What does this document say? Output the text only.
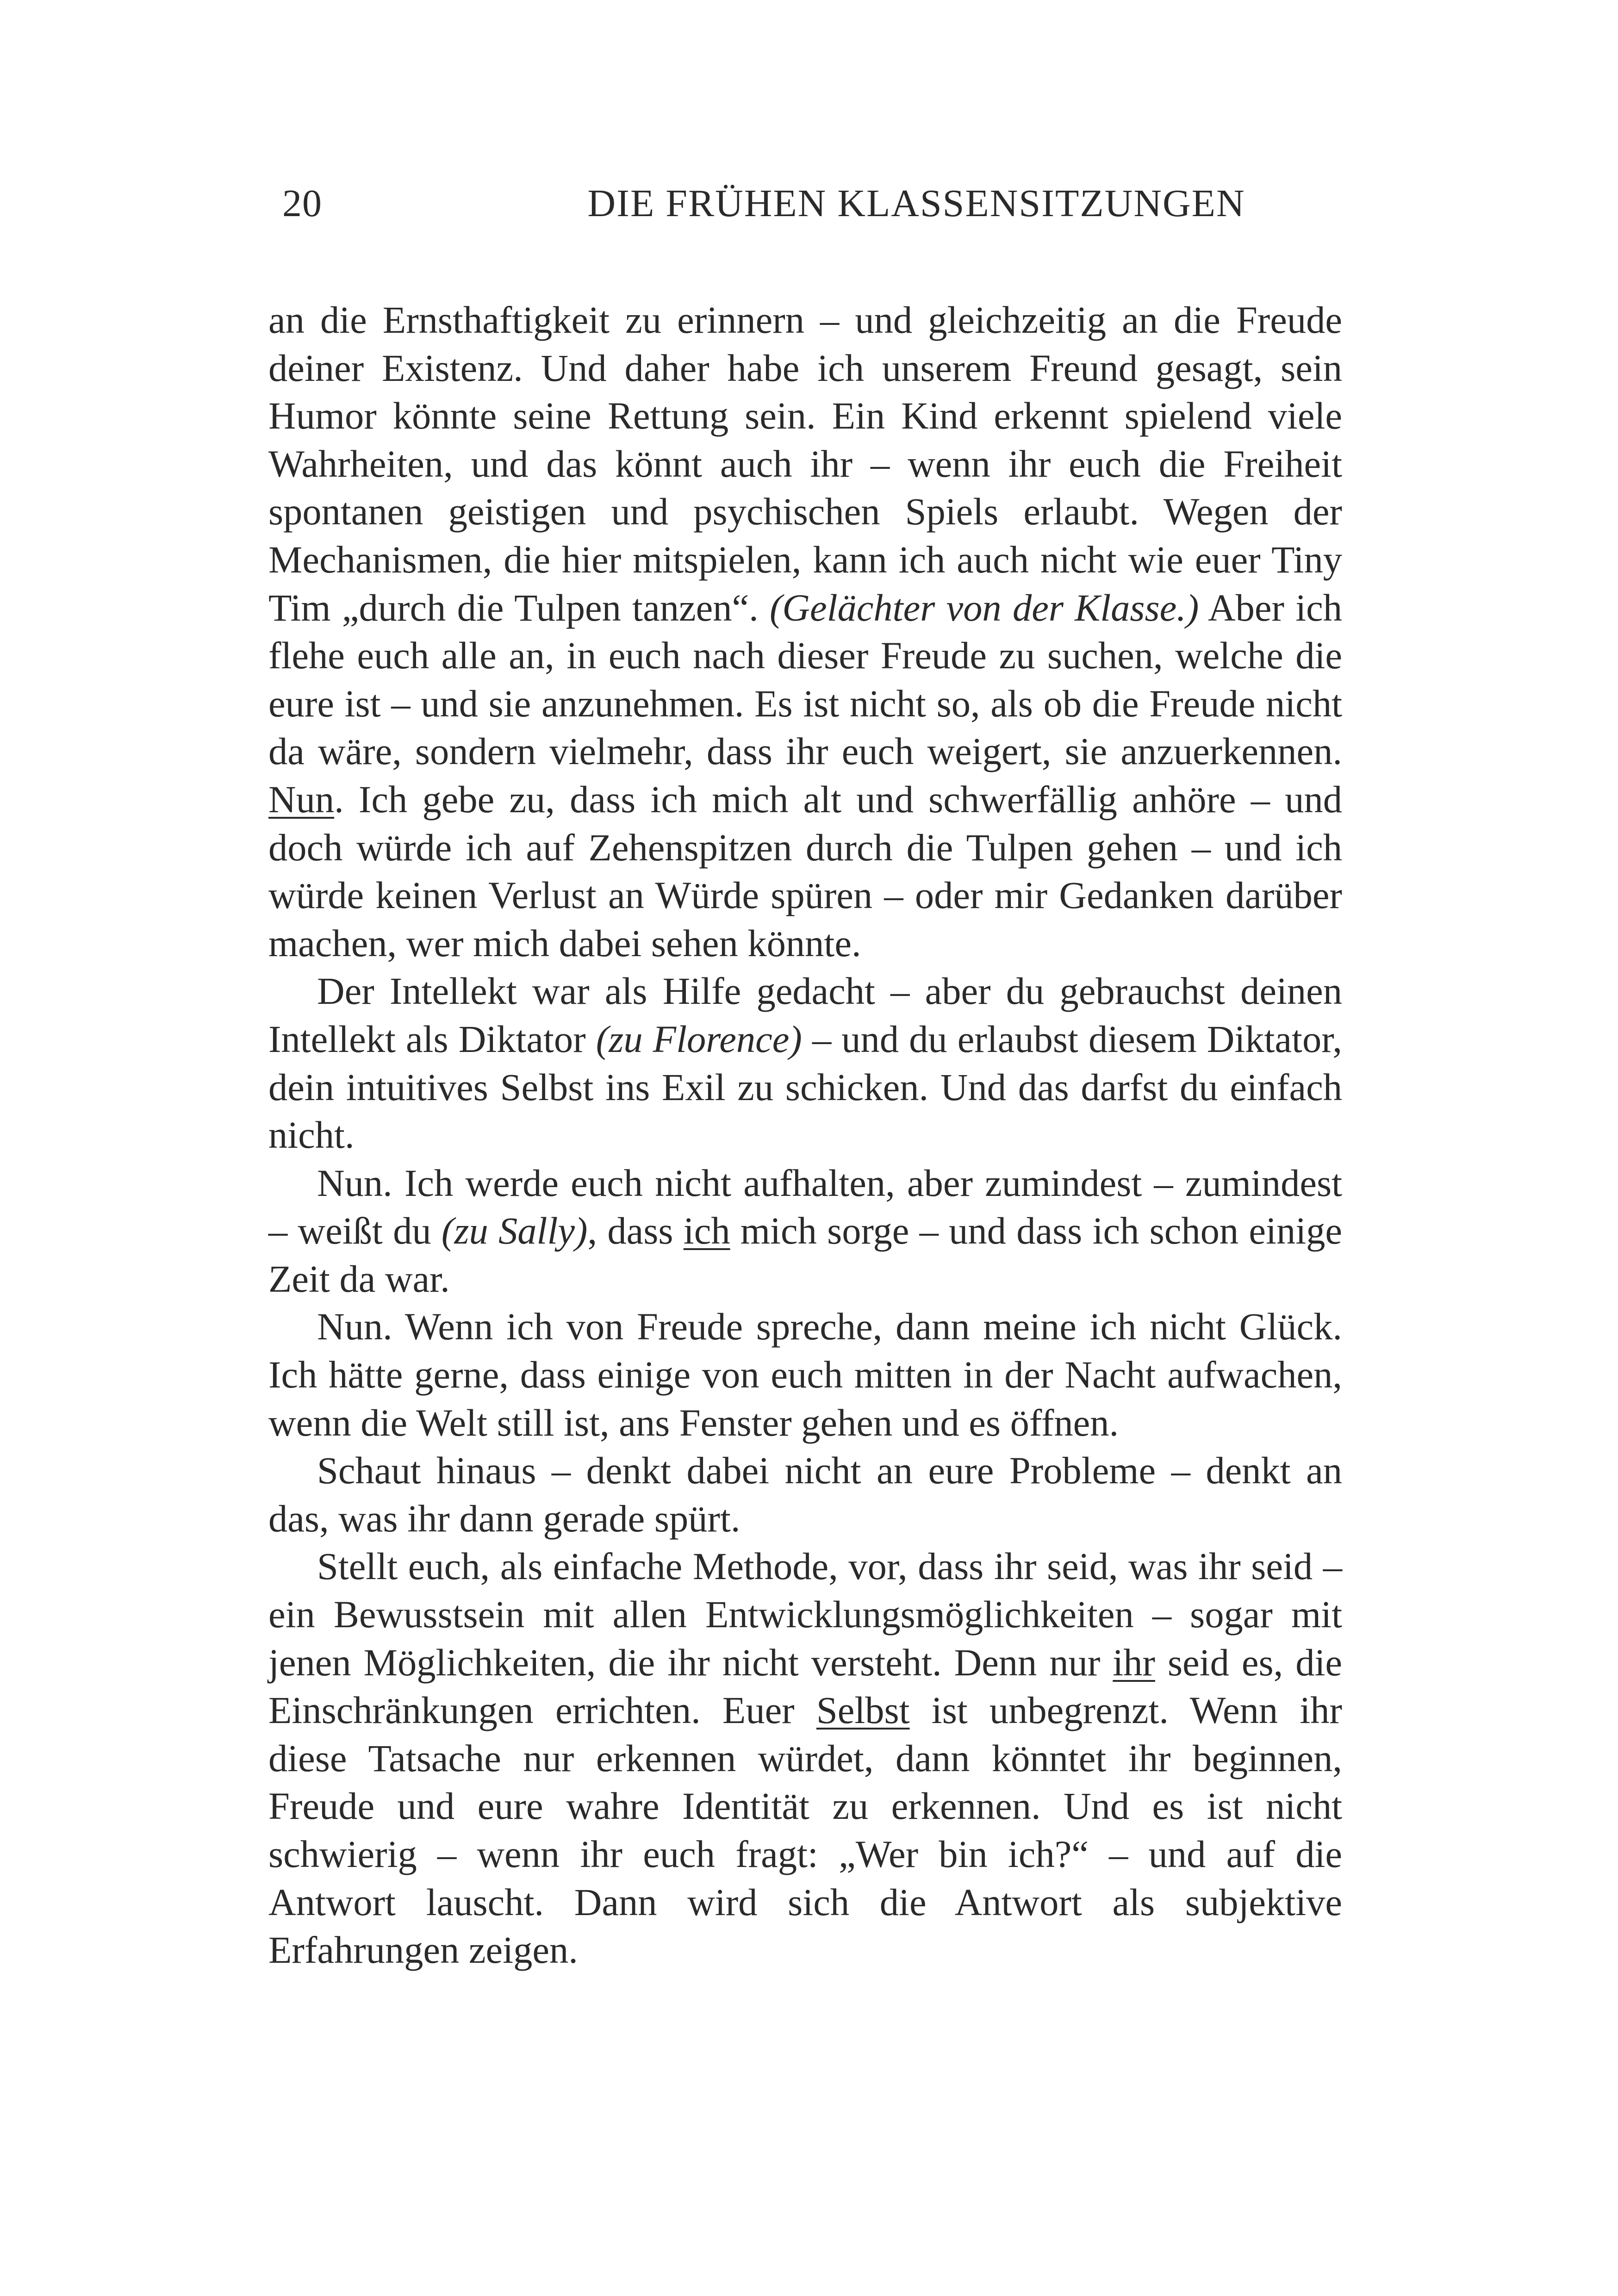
20	DIE FRÜHEN KLASSENSITZUNGEN

an die Ernsthaftigkeit zu erinnern – und gleichzeitig an die Freude deiner Existenz. Und daher habe ich unserem Freund gesagt, sein Humor könnte seine Rettung sein. Ein Kind erkennt spielend viele Wahrheiten, und das könnt auch ihr – wenn ihr euch die Freiheit spontanen geistigen und psychischen Spiels erlaubt. Wegen der Mechanismen, die hier mitspielen, kann ich auch nicht wie euer Tiny Tim „durch die Tulpen tanzen“. (Gelächter von der Klasse.) Aber ich flehe euch alle an, in euch nach dieser Freude zu suchen, welche die eure ist – und sie anzunehmen. Es ist nicht so, als ob die Freude nicht da wäre, sondern vielmehr, dass ihr euch weigert, sie anzuerkennen. Nun. Ich gebe zu, dass ich mich alt und schwerfällig anhöre – und doch würde ich auf Zehenspitzen durch die Tulpen gehen – und ich würde keinen Verlust an Würde spüren – oder mir Gedanken darüber machen, wer mich dabei sehen könnte.

Der Intellekt war als Hilfe gedacht – aber du gebrauchst deinen Intellekt als Diktator (zu Florence) – und du erlaubst diesem Diktator, dein intuitives Selbst ins Exil zu schicken. Und das darfst du einfach nicht.

Nun. Ich werde euch nicht aufhalten, aber zumindest – zumindest – weißt du (zu Sally), dass ich mich sorge – und dass ich schon einige Zeit da war.

Nun. Wenn ich von Freude spreche, dann meine ich nicht Glück. Ich hätte gerne, dass einige von euch mitten in der Nacht aufwachen, wenn die Welt still ist, ans Fenster gehen und es öffnen.

Schaut hinaus – denkt dabei nicht an eure Probleme – denkt an das, was ihr dann gerade spürt.

Stellt euch, als einfache Methode, vor, dass ihr seid, was ihr seid – ein Bewusstsein mit allen Entwicklungsmöglichkeiten – sogar mit jenen Möglichkeiten, die ihr nicht versteht. Denn nur ihr seid es, die Einschränkungen errichten. Euer Selbst ist unbegrenzt. Wenn ihr diese Tatsache nur erkennen würdet, dann könntet ihr beginnen, Freude und eure wahre Identität zu erkennen. Und es ist nicht schwierig – wenn ihr euch fragt: „Wer bin ich?“ – und auf die Antwort lauscht. Dann wird sich die Antwort als subjektive Erfahrungen zeigen.
